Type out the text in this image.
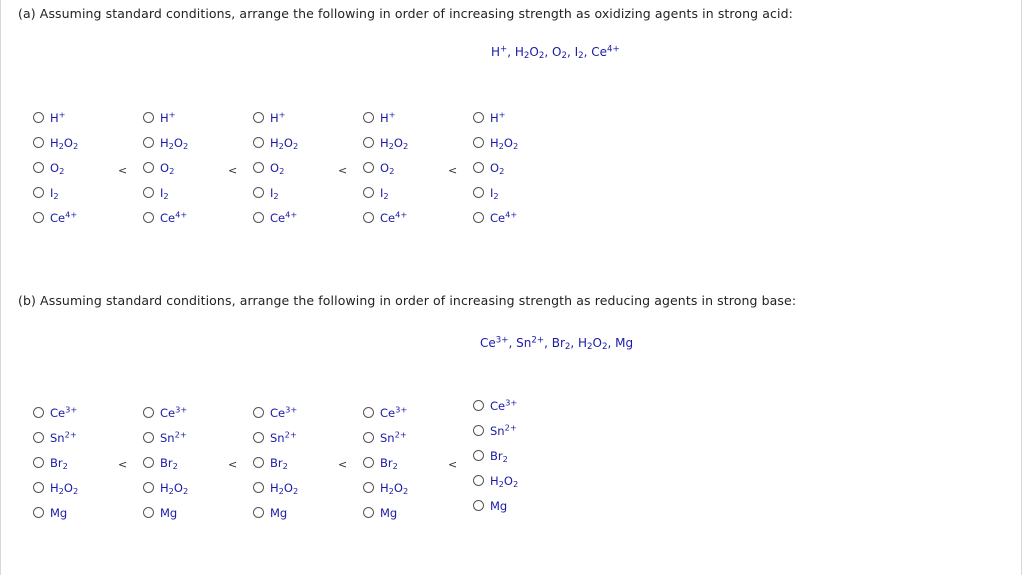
(a) Assuming standard conditions, arrange the following in order of increasing strength as oxidizing agents in strong acid:
H+, $H_2O_2$, $O_2$, $I_2$, $Ce^{4+}$
H+
$H_2O_2$
$O_2$
$I_2$
$Ce^{4+}$
H+
$H_2O_2$
$O_2$
$I_2$
$Ce^{4+}$
H+
$H_2O_2$
$O_2$
$I_2$
$Ce^{4+}$
H+
$H_2O_2$
$O_2$
$I_2$
$Ce^{4+}$
H+
$H_2O_2$
$O_2$
$I_2$
$Ce^{4+}$
<	<	<	<
(b) Assuming standard conditions, arrange the following in order of increasing strength as reducing agents in strong base:
$Ce^{3+}$, $Sn^{2+}$, $Br_2$, $H_2O_2$, Mg
$Ce^{3+}$
$Sn^{2+}$
$Br_2$
$H_2O_2$
Mg
$Ce^{3+}$
$Sn^{2+}$
$Br_2$
$H_2O_2$
Mg
$Ce^{3+}$
$Sn^{2+}$
$Br_2$
$H_2O_2$
Mg
$Ce^{3+}$
$Sn^{2+}$
$Br_2$
$H_2O_2$
Mg
$Ce^{3+}$
$Sn^{2+}$
$Br_2$
$H_2O_2$
Mg
<	<	<	<
